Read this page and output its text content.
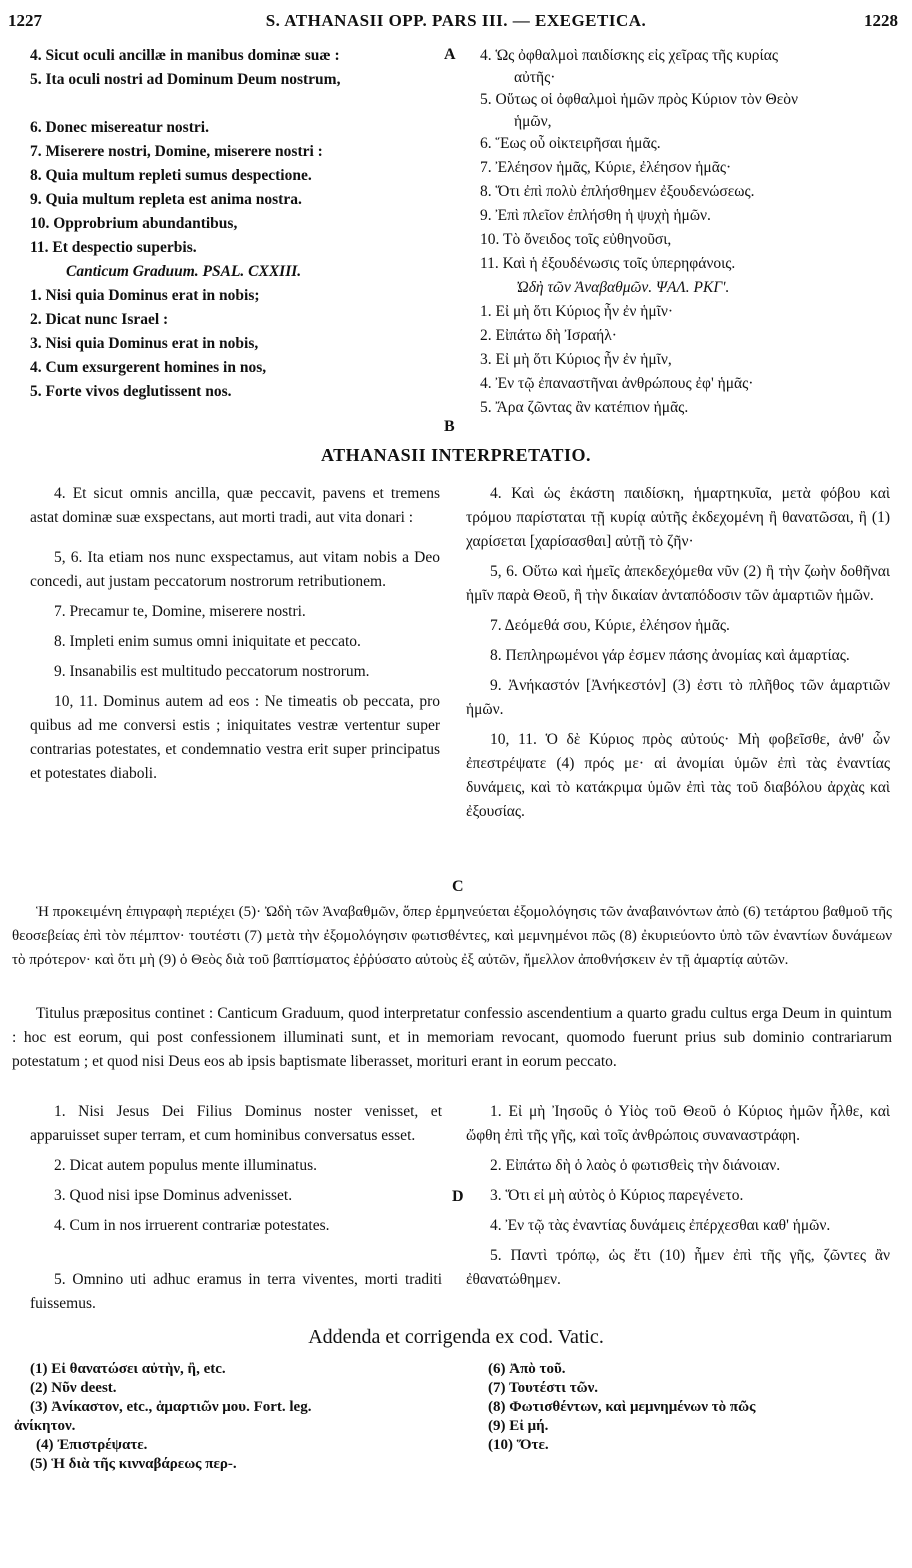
1227	S. ATHANASII OPP. PARS III. — EXEGETICA.	1228
4. Sicut oculi ancillæ in manibus dominæ suæ :
5. Ita oculi nostri ad Dominum Deum nostrum,
6. Donec misereatur nostri.
7. Miserere nostri, Domine, miserere nostri :
8. Quia multum repleti sumus despectione.
9. Quia multum repleta est anima nostra.
10. Opprobrium abundantibus,
11. Et despectio superbis.
Canticum Graduum. PSAL. CXXIII.
1. Nisi quia Dominus erat in nobis;
2. Dicat nunc Israel :
3. Nisi quia Dominus erat in nobis,
4. Cum exsurgerent homines in nos,
5. Forte vivos deglutissent nos.
A
B
4. Ὡς ὀφθαλμοὶ παιδίσκης εἰς χεῖρας τῆς κυρίας
αὐτῆς·
5. Οὕτως οἱ ὀφθαλμοὶ ἡμῶν πρὸς Κύριον τὸν Θεὸν
ἡμῶν,
6. Ἕως οὗ οἰκτειρῆσαι ἡμᾶς.
7. Ἐλέησον ἡμᾶς, Κύριε, ἐλέησον ἡμᾶς·
8. Ὅτι ἐπὶ πολὺ ἐπλήσθημεν ἐξουδενώσεως.
9. Ἐπὶ πλεῖον ἐπλήσθη ἡ ψυχὴ ἡμῶν.
10. Τὸ ὄνειδος τοῖς εὐθηνοῦσι,
11. Καὶ ἡ ἐξουδένωσις τοῖς ὑπερηφάνοις.
Ὠδὴ τῶν Ἀναβαθμῶν. ΨΑΛ. ΡΚΓʹ.
1. Εἰ μὴ ὅτι Κύριος ἦν ἐν ἡμῖν·
2. Εἰπάτω δὴ Ἰσραήλ·
3. Εἰ μὴ ὅτι Κύριος ἦν ἐν ἡμῖν,
4. Ἐν τῷ ἐπαναστῆναι ἀνθρώπους ἐφ' ἡμᾶς·
5. Ἄρα ζῶντας ἂν κατέπιον ἡμᾶς.
ATHANASII INTERPRETATIO.

4. Et sicut omnis ancilla, quæ peccavit, pavens et tremens astat dominæ suæ exspectans, aut morti tradi, aut vita donari :

5, 6. Ita etiam nos nunc exspectamus, aut vitam nobis a Deo concedi, aut justam peccatorum nostrorum retributionem.

7. Precamur te, Domine, miserere nostri.

8. Impleti enim sumus omni iniquitate et peccato.

9. Insanabilis est multitudo peccatorum nostrorum.

10, 11. Dominus autem ad eos : Ne timeatis ob peccata, pro quibus ad me conversi estis ; iniquitates vestræ vertentur super contrarias potestates, et condemnatio vestra erit super principatus et potestates diaboli.

4. Καὶ ὡς ἑκάστη παιδίσκη, ἡμαρτηκυῖα, μετὰ φόβου καὶ τρόμου παρίσταται τῇ κυρίᾳ αὐτῆς ἐκδεχομένη ἢ θανατῶσαι, ἢ (1) χαρίσεται [χαρίσασθαι] αὐτῇ τὸ ζῆν·

5, 6. Οὕτω καὶ ἡμεῖς ἀπεκδεχόμεθα νῦν (2) ἢ τὴν ζωὴν δοθῆναι ἡμῖν παρὰ Θεοῦ, ἢ τὴν δικαίαν ἀνταπόδοσιν τῶν ἁμαρτιῶν ἡμῶν.

7. Δεόμεθά σου, Κύριε, ἐλέησον ἡμᾶς.

8. Πεπληρωμένοι γάρ ἐσμεν πάσης ἀνομίας καὶ ἁμαρτίας.

9. Ἀνήκαστόν [Ἀνήκεστόν] (3) ἐστι τὸ πλῆθος τῶν ἁμαρτιῶν ἡμῶν.

10, 11. Ὁ δὲ Κύριος πρὸς αὐτούς· Μὴ φοβεῖσθε, ἀνθ' ὧν ἐπεστρέψατε (4) πρός με· αἱ ἀνομίαι ὑμῶν ἐπὶ τὰς ἐναντίας δυνάμεις, καὶ τὸ κατάκριμα ὑμῶν ἐπὶ τὰς τοῦ διαβόλου ἀρχὰς καὶ ἐξουσίας.

C

Ἡ προκειμένη ἐπιγραφὴ περιέχει (5)· Ὠδὴ τῶν Ἀναβαθμῶν, ὅπερ ἑρμηνεύεται ἐξομολόγησις τῶν ἀναβαινόντων ἀπὸ (6) τετάρτου βαθμοῦ τῆς θεοσεβείας ἐπὶ τὸν πέμπτον· τουτέστι (7) μετὰ τὴν ἐξομολόγησιν φωτισθέντες, καὶ μεμνημένοι πῶς (8) ἐκυριεύοντο ὑπὸ τῶν ἐναντίων δυνάμεων τὸ πρότερον· καὶ ὅτι μὴ (9) ὁ Θεὸς διὰ τοῦ βαπτίσματος ἐῤῥύσατο αὐτοὺς ἐξ αὐτῶν, ἤμελλον ἀποθνήσκειν ἐν τῇ ἁμαρτίᾳ αὐτῶν.

Titulus præpositus continet : Canticum Graduum, quod interpretatur confessio ascendentium a quarto gradu cultus erga Deum in quintum : hoc est eorum, qui post confessionem illuminati sunt, et in memoriam revocant, quomodo fuerunt prius sub dominio contrariarum potestatum ; et quod nisi Deus eos ab ipsis baptismate liberasset, morituri erant in eorum peccato.

1. Nisi Jesus Dei Filius Dominus noster venisset, et apparuisset super terram, et cum hominibus conversatus esset.

2. Dicat autem populus mente illuminatus.

3. Quod nisi ipse Dominus advenisset.

4. Cum in nos irruerent contrariæ potestates.

5. Omnino uti adhuc eramus in terra viventes, morti traditi fuissemus.

D

1. Εἰ μὴ Ἰησοῦς ὁ Υἱὸς τοῦ Θεοῦ ὁ Κύριος ἡμῶν ἦλθε, καὶ ὤφθη ἐπὶ τῆς γῆς, καὶ τοῖς ἀνθρώποις συναναστράφη.

2. Εἰπάτω δὴ ὁ λαὸς ὁ φωτισθεὶς τὴν διάνοιαν.

3. Ὅτι εἰ μὴ αὐτὸς ὁ Κύριος παρεγένετο.

4. Ἐν τῷ τὰς ἐναντίας δυνάμεις ἐπέρχεσθαι καθ' ἡμῶν.

5. Παντὶ τρόπῳ, ὡς ἔτι (10) ἦμεν ἐπὶ τῆς γῆς, ζῶντες ἂν ἐθανατώθημεν.

Addenda et corrigenda ex cod. Vatic.
(1) Εἰ θανατώσει αὐτὴν, ἢ, etc.
(2) Νῦν deest.
(3) Ἀνίκαστον, etc., ἁμαρτιῶν μου. Fort. leg.
ἀνίκητον.
(4) Ἐπιστρέψατε.
(5) Ἡ διὰ τῆς κινναβάρεως περ-.
(6) Ἀπὸ τοῦ.
(7) Τουτέστι τῶν.
(8) Φωτισθέντων, καὶ μεμνημένων τὸ πῶς
(9) Εἰ μή.
(10) Ὅτε.
